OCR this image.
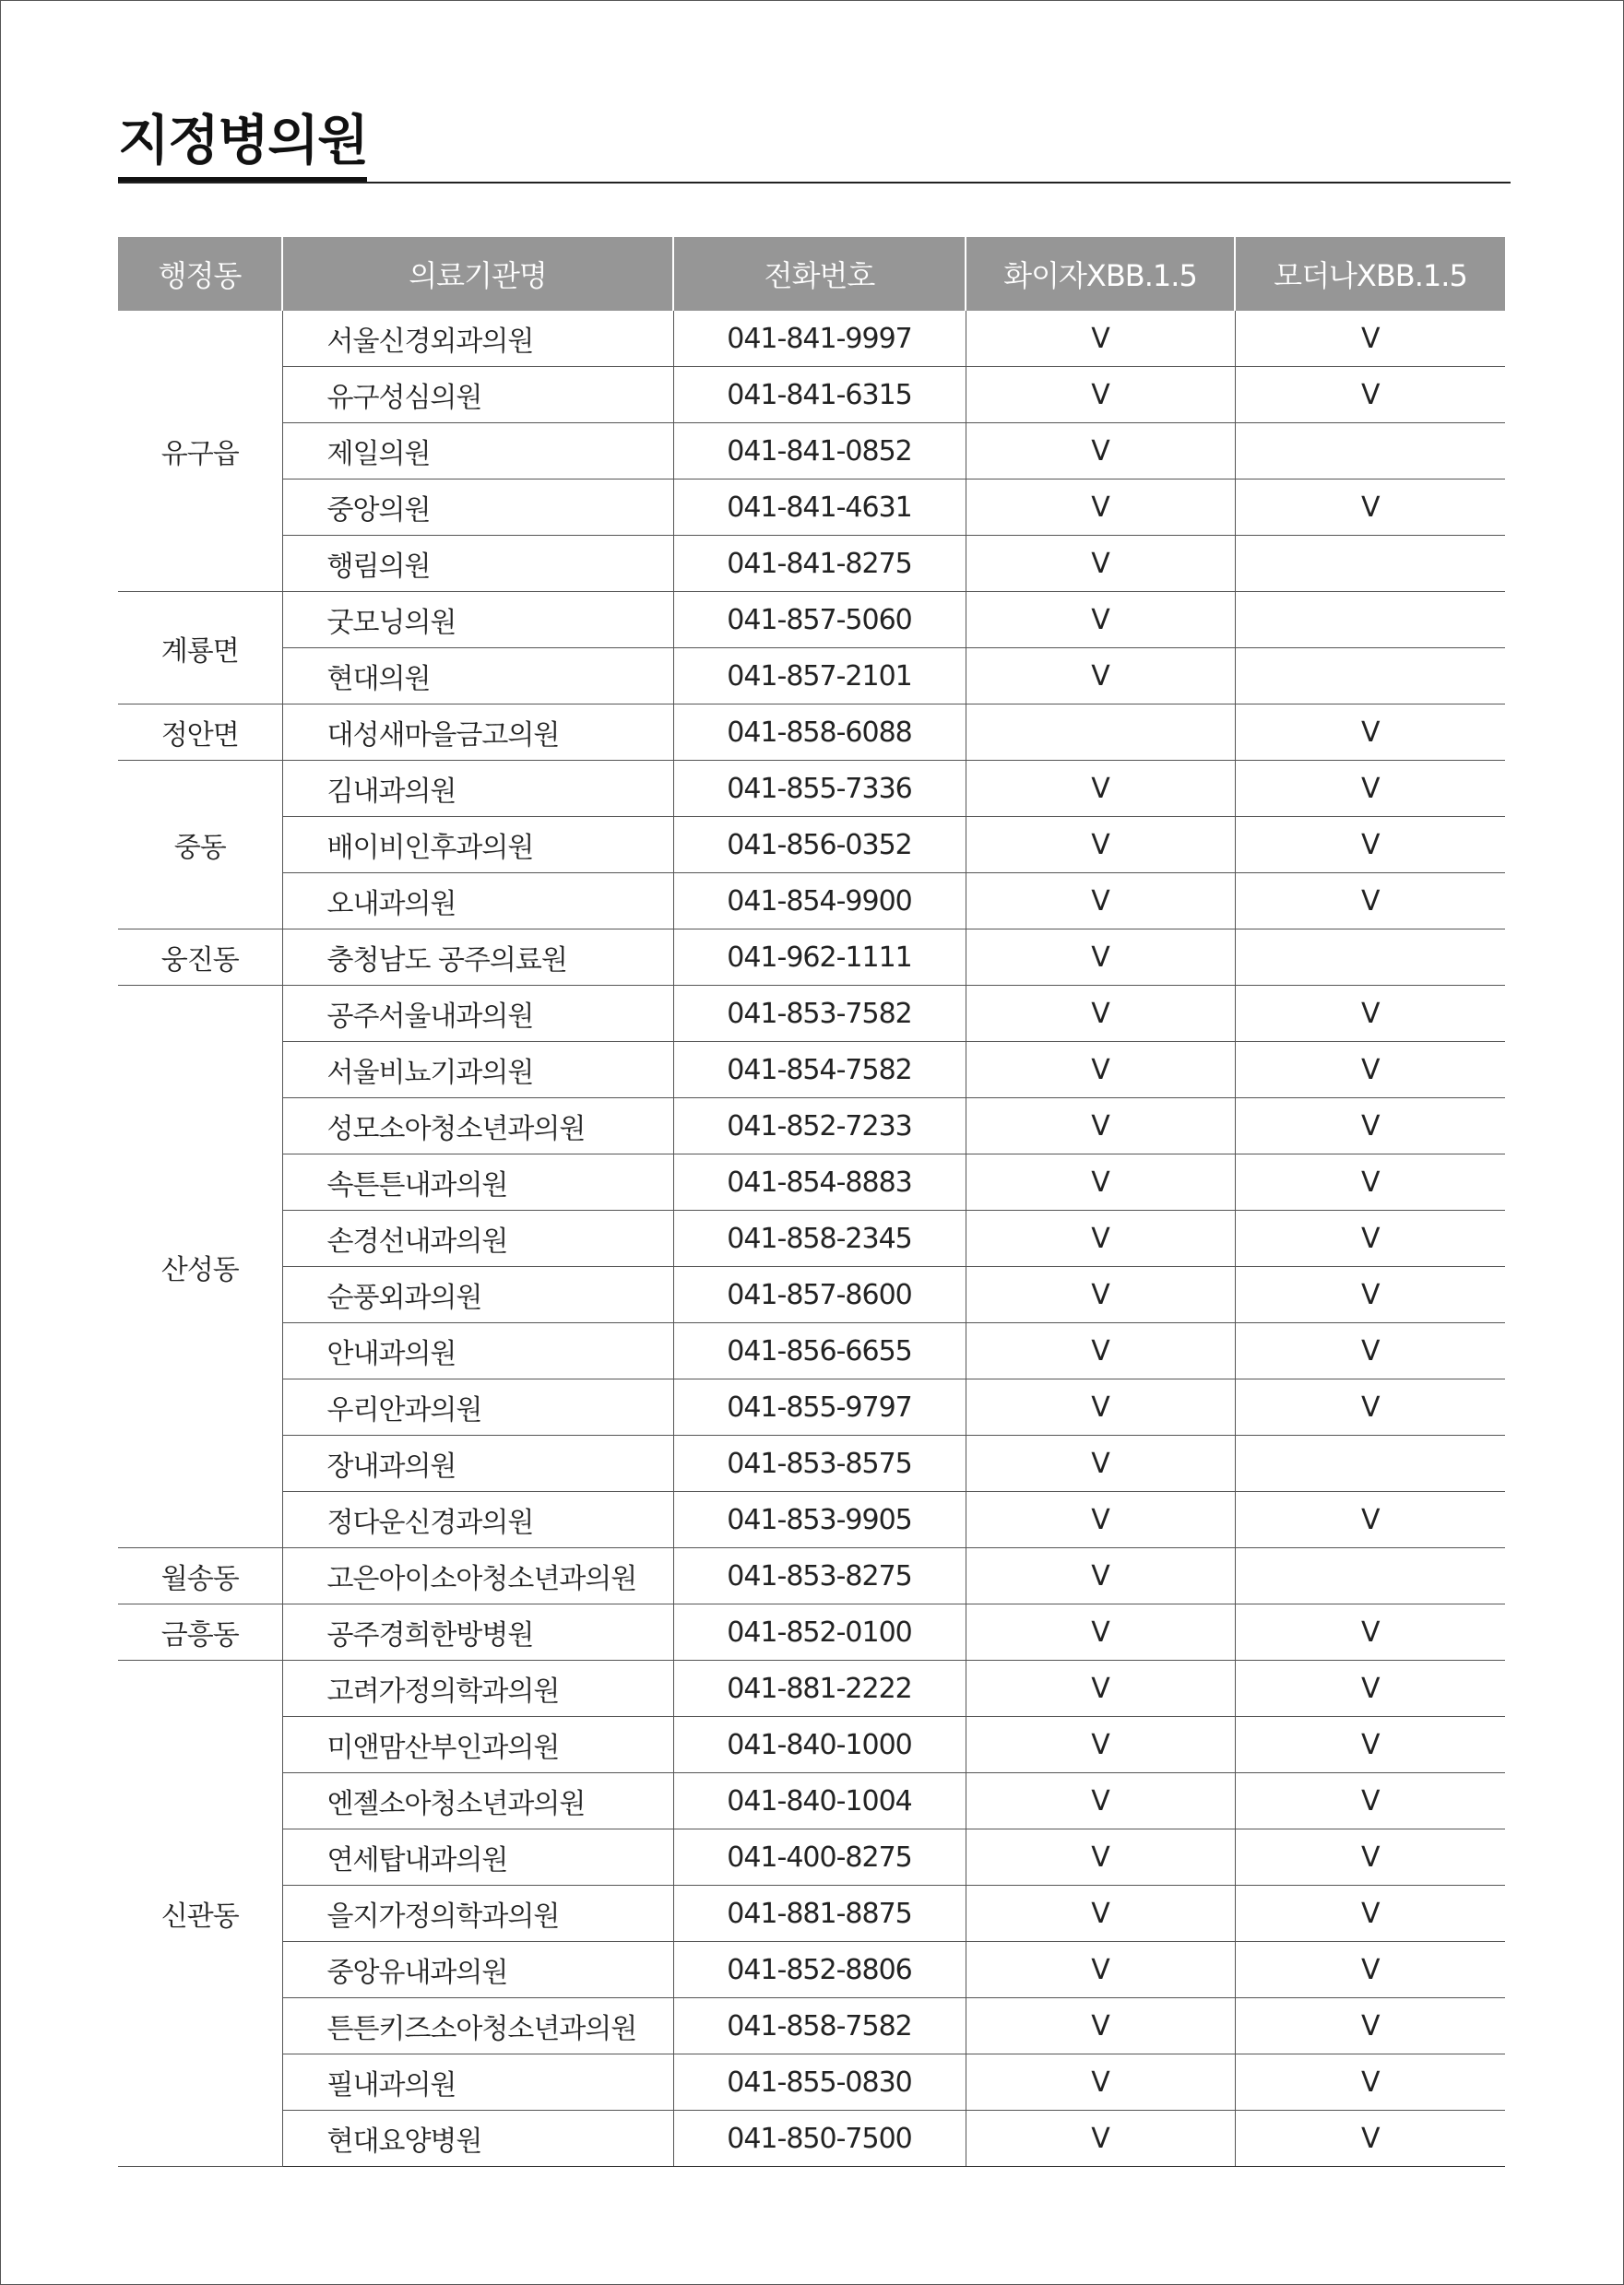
지정병의원
행정동	의료기관명	전화번호	화이자XBB.1.5	모더나XBB.1.5
유구읍	서울신경외과의원	041-841-9997	V	V
	유구성심의원	041-841-6315	V	V
	제일의원	041-841-0852	V	
	중앙의원	041-841-4631	V	V
	행림의원	041-841-8275	V	
계룡면	굿모닝의원	041-857-5060	V	
	현대의원	041-857-2101	V	
정안면	대성새마을금고의원	041-858-6088		V
중동	김내과의원	041-855-7336	V	V
	배이비인후과의원	041-856-0352	V	V
	오내과의원	041-854-9900	V	V
웅진동	충청남도 공주의료원	041-962-1111	V	
산성동	공주서울내과의원	041-853-7582	V	V
	서울비뇨기과의원	041-854-7582	V	V
	성모소아청소년과의원	041-852-7233	V	V
	속튼튼내과의원	041-854-8883	V	V
	손경선내과의원	041-858-2345	V	V
	순풍외과의원	041-857-8600	V	V
	안내과의원	041-856-6655	V	V
	우리안과의원	041-855-9797	V	V
	장내과의원	041-853-8575	V	
	정다운신경과의원	041-853-9905	V	V
월송동	고은아이소아청소년과의원	041-853-8275	V	
금흥동	공주경희한방병원	041-852-0100	V	V
신관동	고려가정의학과의원	041-881-2222	V	V
	미앤맘산부인과의원	041-840-1000	V	V
	엔젤소아청소년과의원	041-840-1004	V	V
	연세탑내과의원	041-400-8275	V	V
	을지가정의학과의원	041-881-8875	V	V
	중앙유내과의원	041-852-8806	V	V
	튼튼키즈소아청소년과의원	041-858-7582	V	V
	필내과의원	041-855-0830	V	V
	현대요양병원	041-850-7500	V	V
